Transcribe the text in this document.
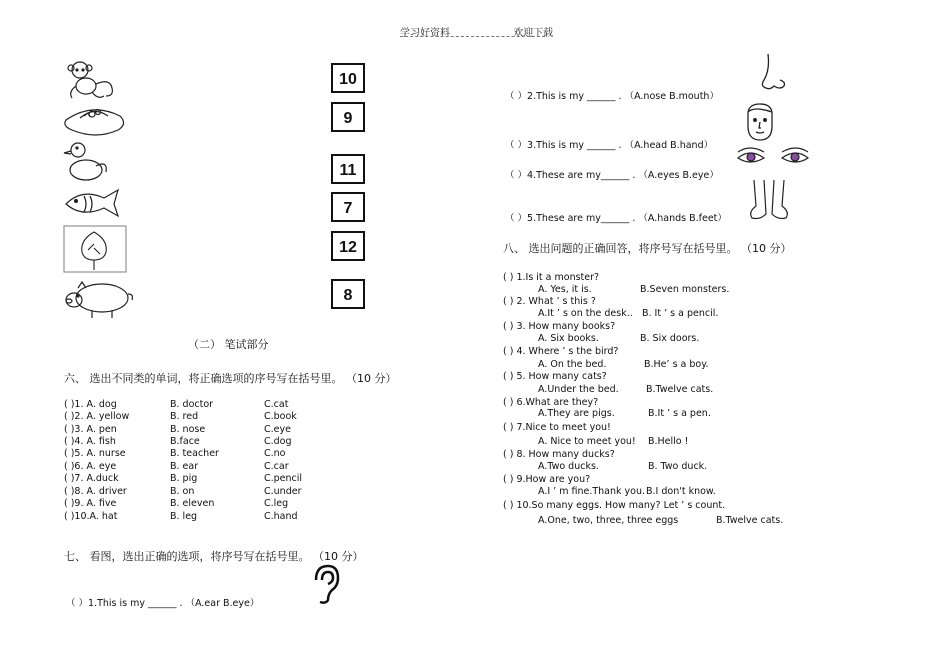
学习好资料	欢迎下载
10
9
11
7
12
8
（二） 笔试部分
六、 选出不同类的单词，将正确选项的序号写在括号里。 （10 分）
( )1. A. dog	B. doctor	C.cat
( )2. A. yellow	B. red	C.book
( )3. A. pen	B. nose	C.eye
( )4. A. fish	B.face	C.dog
( )5. A. nurse	B. teacher	C.no
( )6. A. eye	B. ear	C.car
( )7. A.duck	B. pig	C.pencil
( )8. A. driver	B. on	C.under
( )9. A. five	B. eleven	C.leg
( )10.A. hat	B. leg	C.hand
七、 看图，选出正确的选项，将序号写在括号里。 （10 分）
（ ）1.This is my ______ . （A.ear B.eye）
（ ）2.This is my ______ . （A.nose B.mouth）
（ ）3.This is my ______ . （A.head B.hand）
（ ）4.These are my______ . （A.eyes B.eye）
（ ）5.These are my______ . （A.hands B.feet）
八、 选出问题的正确回答，将序号写在括号里。 （10 分）
( ) 1.Is it a monster?
A. Yes, it is.	B.Seven monsters.
( ) 2. What ’ s this ?
A.It ’ s on the desk.. B. It ’ s a pencil.
( ) 3. How many books?
A. Six books.	B. Six doors.
( ) 4. Where ’ s the bird?
A. On the bed.	B.He’ s a boy.
( ) 5. How many cats?
A.Under the bed.	B.Twelve cats.
( ) 6.What are they?
A.They are pigs.	B.It ’ s a pen.
( ) 7.Nice to meet you!
A. Nice to meet you! B.Hello !
( ) 8. How many ducks?
A.Two ducks.	B. Two duck.
( ) 9.How are you?
A.I ’ m fine.Thank you. B.I don't know.
( ) 10.So many eggs. How many? Let ’ s count.
A.One, two, three, three eggs	B.Twelve cats.
